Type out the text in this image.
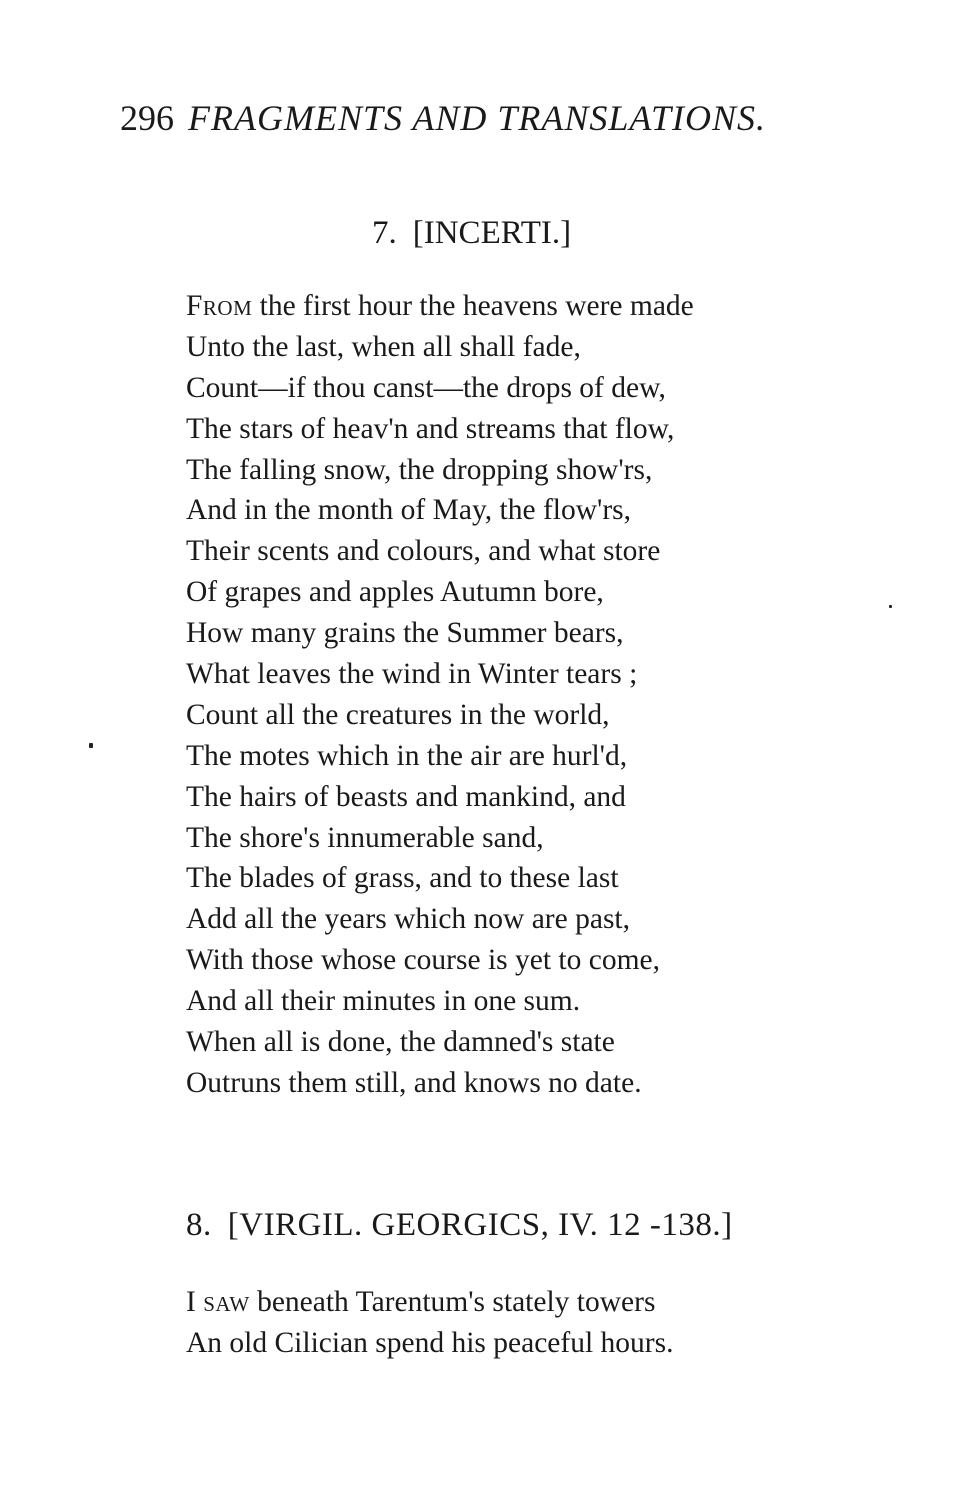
296 FRAGMENTS AND TRANSLATIONS.
7. [INCERTI.]
From the first hour the heavens were made
Unto the last, when all shall fade,
Count—if thou canst—the drops of dew,
The stars of heav'n and streams that flow,
The falling snow, the dropping show'rs,
And in the month of May, the flow'rs,
Their scents and colours, and what store
Of grapes and apples Autumn bore,
How many grains the Summer bears,
What leaves the wind in Winter tears ;
Count all the creatures in the world,
The motes which in the air are hurl'd,
The hairs of beasts and mankind, and
The shore's innumerable sand,
The blades of grass, and to these last
Add all the years which now are past,
With those whose course is yet to come,
And all their minutes in one sum.
When all is done, the damned's state
Outruns them still, and knows no date.
8. [VIRGIL. GEORGICS, IV. 12 -138.]
I saw beneath Tarentum's stately towers
An old Cilician spend his peaceful hours.
